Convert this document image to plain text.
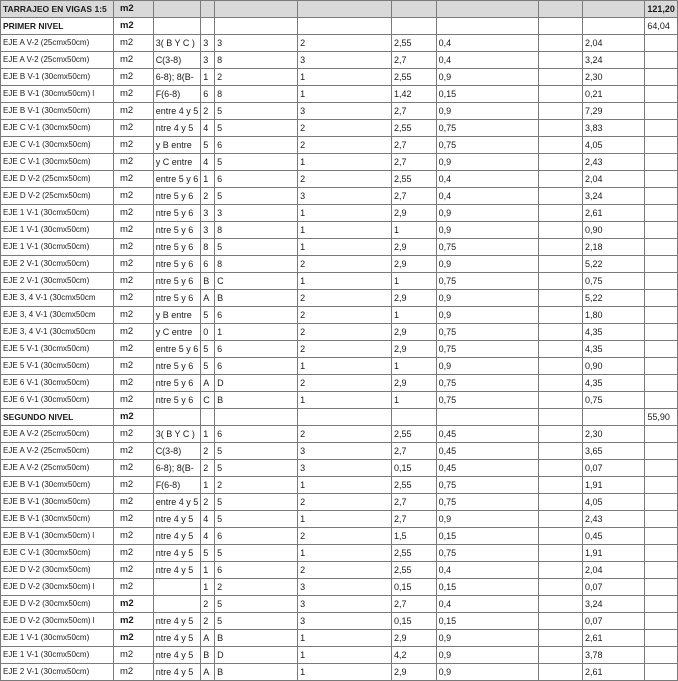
TARRAJEO EN VIGAS 1:5	m2									121,20
PRIMER NIVEL	m2									64,04
EJE A V-2 (25cmx50cm)	m2	3( B Y C )	3	3	2	2,55	0,4		2,04	
EJE A V-2 (25cmx50cm)	m2	C(3-8)	3	8	3	2,7	0,4		3,24	
EJE B V-1 (30cmx50cm)	m2	6-8); 8(B-	1	2	1	2,55	0,9		2,30	
EJE B V-1 (30cmx50cm) l	m2	F(6-8)	6	8	1	1,42	0,15		0,21	
EJE B V-1 (30cmx50cm)	m2	entre 4 y 5	2	5	3	2,7	0,9		7,29	
EJE C V-1 (30cmx50cm)	m2	ntre 4 y 5	4	5	2	2,55	0,75		3,83	
EJE C V-1 (30cmx50cm)	m2	y B entre	5	6	2	2,7	0,75		4,05	
EJE C V-1 (30cmx50cm)	m2	y C entre	4	5	1	2,7	0,9		2,43	
EJE D V-2 (25cmx50cm)	m2	entre 5 y 6	1	6	2	2,55	0,4		2,04	
EJE D V-2 (25cmx50cm)	m2	ntre 5 y 6	2	5	3	2,7	0,4		3,24	
EJE 1 V-1 (30cmx50cm)	m2	ntre 5 y 6	3	3	1	2,9	0,9		2,61	
EJE 1 V-1 (30cmx50cm)	m2	ntre 5 y 6	3	8	1	1	0,9		0,90	
EJE 1 V-1 (30cmx50cm)	m2	ntre 5 y 6	8	5	1	2,9	0,75		2,18	
EJE 2 V-1 (30cmx50cm)	m2	ntre 5 y 6	6	8	2	2,9	0,9		5,22	
EJE 2 V-1 (30cmx50cm)	m2	ntre 5 y 6	B	C	1	1	0,75		0,75	
EJE 3, 4 V-1 (30cmx50cm	m2	ntre 5 y 6	A	B	2	2,9	0,9		5,22	
EJE 3, 4 V-1 (30cmx50cm	m2	y B entre	5	6	2	1	0,9		1,80	
EJE 3, 4 V-1 (30cmx50cm	m2	y C entre	0	1	2	2,9	0,75		4,35	
EJE 5 V-1 (30cmx50cm)	m2	entre 5 y 6	5	6	2	2,9	0,75		4,35	
EJE 5 V-1 (30cmx50cm)	m2	ntre 5 y 6	5	6	1	1	0,9		0,90	
EJE 6 V-1 (30cmx50cm)	m2	ntre 5 y 6	A	D	2	2,9	0,75		4,35	
EJE 6 V-1 (30cmx50cm)	m2	ntre 5 y 6	C	B	1	1	0,75		0,75	
SEGUNDO NIVEL	m2									55,90
EJE A V-2 (25cmx50cm)	m2	3( B Y C )	1	6	2	2,55	0,45		2,30	
EJE A V-2 (25cmx50cm)	m2	C(3-8)	2	5	3	2,7	0,45		3,65	
EJE A V-2 (25cmx50cm)	m2	6-8); 8(B-	2	5	3	0,15	0,45		0,07	
EJE B V-1 (30cmx50cm)	m2	F(6-8)	1	2	1	2,55	0,75		1,91	
EJE B V-1 (30cmx50cm)	m2	entre 4 y 5	2	5	2	2,7	0,75		4,05	
EJE B V-1 (30cmx50cm)	m2	ntre 4 y 5	4	5	1	2,7	0,9		2,43	
EJE B V-1 (30cmx50cm) l	m2	ntre 4 y 5	4	6	2	1,5	0,15		0,45	
EJE C V-1 (30cmx50cm)	m2	ntre 4 y 5	5	5	1	2,55	0,75		1,91	
EJE D V-2 (30cmx50cm)	m2	ntre 4 y 5	1	6	2	2,55	0,4		2,04	
EJE D V-2 (30cmx50cm) l	m2		1	2	3	0,15	0,15		0,07	
EJE D V-2 (30cmx50cm)	m2		2	5	3	2,7	0,4		3,24	
EJE D V-2 (30cmx50cm) l	m2	ntre 4 y 5	2	5	3	0,15	0,15		0,07	
EJE 1 V-1 (30cmx50cm)	m2	ntre 4 y 5	A	B	1	2,9	0,9		2,61	
EJE 1 V-1 (30cmx50cm)	m2	ntre 4 y 5	B	D	1	4,2	0,9		3,78	
EJE 2 V-1 (30cmx50cm)	m2	ntre 4 y 5	A	B	1	2,9	0,9		2,61	
